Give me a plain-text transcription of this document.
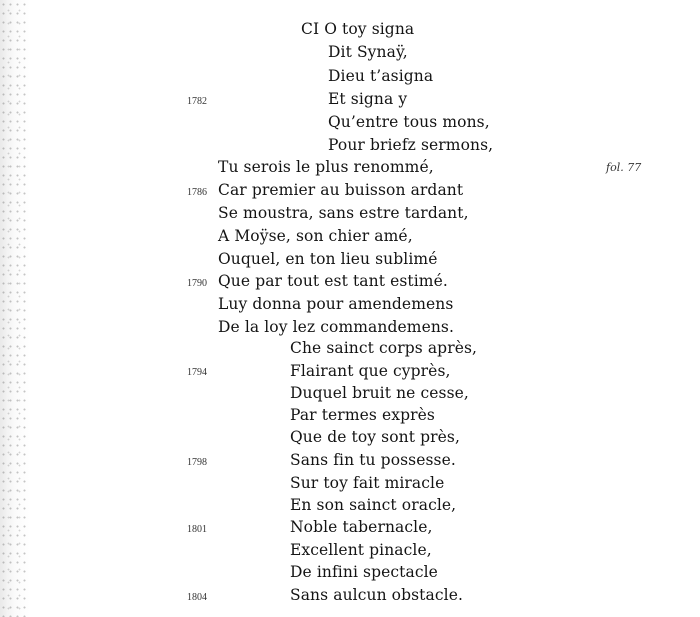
CI O toy signa
Dit Synaÿ,
Dieu t’asigna
Et signa y
Qu’entre tous mons,
Pour briefz sermons,
Tu serois le plus renommé,
Car premier au buisson ardant
Se moustra, sans estre tardant,
A Moÿse, son chier amé,
Ouquel, en ton lieu sublimé
Que par tout est tant estimé.
Luy donna pour amendemens
De la loy lez commandemens.
Che sainct corps après,
Flairant que cyprès,
Duquel bruit ne cesse,
Par termes exprès
Que de toy sont près,
Sans fin tu possesse.
Sur toy fait miracle
En son sainct oracle,
Noble tabernacle,
Excellent pinacle,
De infini spectacle
Sans aulcun obstacle.
1782
1786
1790
1794
1798
1801
1804
fol. 77
